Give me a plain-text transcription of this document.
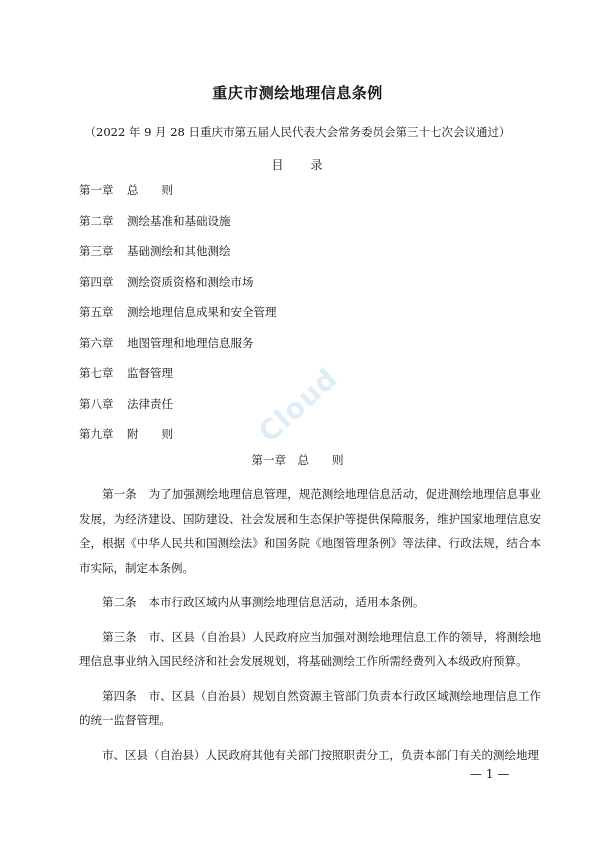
重庆市测绘地理信息条例
（2022 年 9 月 28 日重庆市第五届人民代表大会常务委员会第三十七次会议通过）
目　　录
第一章 总　　则
第二章 测绘基准和基础设施
第三章 基础测绘和其他测绘
第四章 测绘资质资格和测绘市场
第五章 测绘地理信息成果和安全管理
第六章 地图管理和地理信息服务
第七章 监督管理
第八章 法律责任
第九章 附　　则	Cloud
第一章　总　　则

　　第一条 为了加强测绘地理信息管理，规范测绘地理信息活动，促进测绘地理信息事业发展，为经济建设、国防建设、社会发展和生态保护等提供保障服务，维护国家地理信息安全，根据《中华人民共和国测绘法》和国务院《地图管理条例》等法律、行政法规，结合本市实际，制定本条例。

　　第二条 本市行政区域内从事测绘地理信息活动，适用本条例。

　　第三条 市、区县（自治县）人民政府应当加强对测绘地理信息工作的领导，将测绘地理信息事业纳入国民经济和社会发展规划，将基础测绘工作所需经费列入本级政府预算。

　　第四条 市、区县（自治县）规划自然资源主管部门负责本行政区域测绘地理信息工作的统一监督管理。

　　市、区县（自治县）人民政府其他有关部门按照职责分工，负责本部门有关的测绘地理

— 1 —
